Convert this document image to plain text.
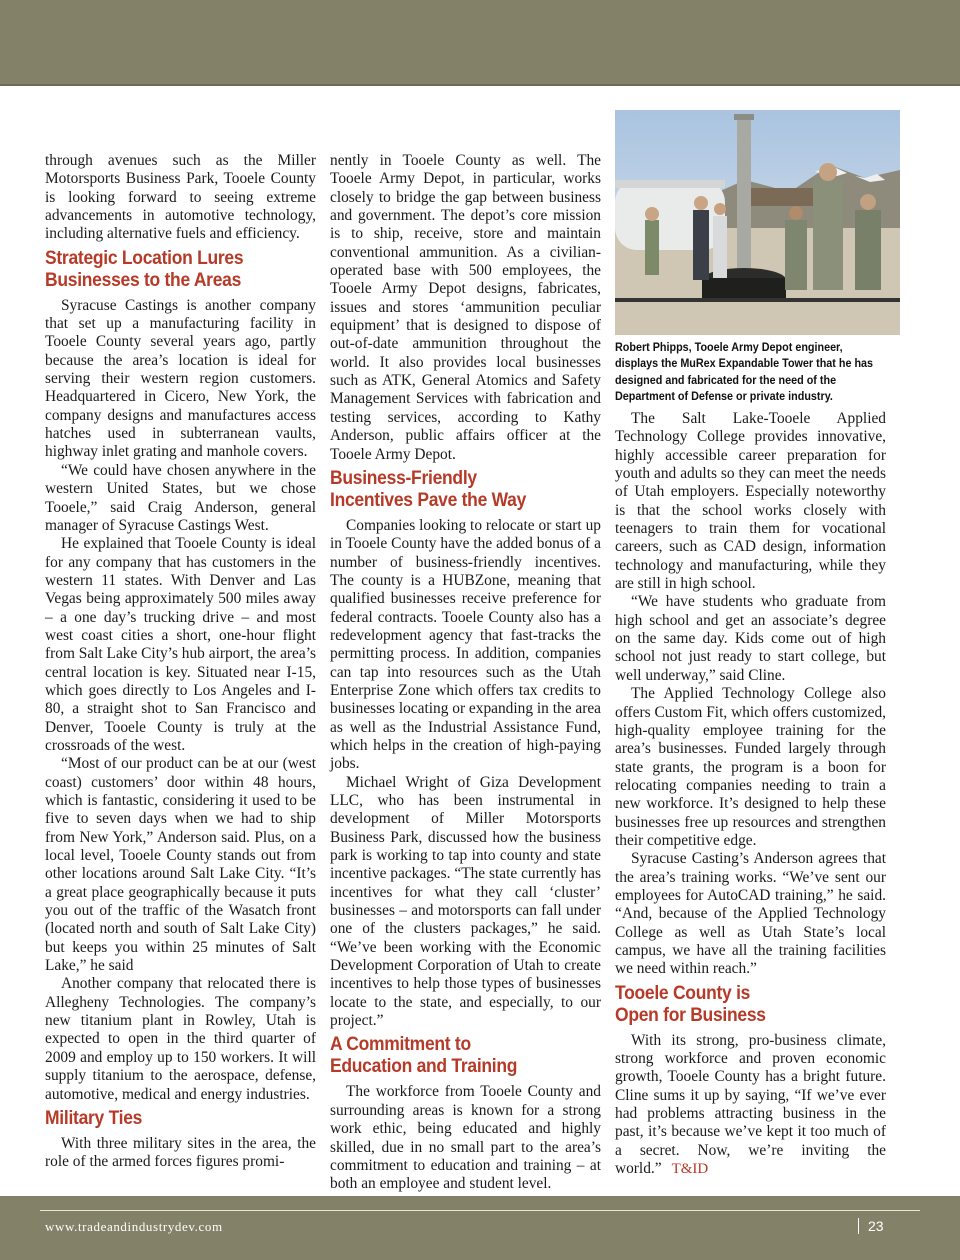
through avenues such as the Miller Motorsports Business Park, Tooele County is looking forward to seeing extreme advancements in automotive technology, including alternative fuels and efficiency.

Strategic Location Lures
Businesses to the Areas

Syracuse Castings is another company that set up a manufacturing facility in Tooele County several years ago, partly because the area’s location is ideal for serving their western region customers. Headquartered in Cicero, New York, the company designs and manufactures access hatches used in subterranean vaults, highway inlet grating and manhole covers.

“We could have chosen anywhere in the western United States, but we chose Tooele,” said Craig Anderson, general manager of Syracuse Castings West.

He explained that Tooele County is ideal for any company that has customers in the western 11 states. With Denver and Las Vegas being approximately 500 miles away – a one day’s trucking drive – and most west coast cities a short, one-hour flight from Salt Lake City’s hub airport, the area’s central location is key. Situated near I-15, which goes directly to Los Angeles and I-80, a straight shot to San Francisco and Denver, Tooele County is truly at the crossroads of the west.

“Most of our product can be at our (west coast) customers’ door within 48 hours, which is fantastic, considering it used to be five to seven days when we had to ship from New York,” Anderson said. Plus, on a local level, Tooele County stands out from other locations around Salt Lake City. “It’s a great place geographically because it puts you out of the traffic of the Wasatch front (located north and south of Salt Lake City) but keeps you within 25 minutes of Salt Lake,” he said

Another company that relocated there is Allegheny Technologies. The company’s new titanium plant in Rowley, Utah is expected to open in the third quarter of 2009 and employ up to 150 workers. It will supply titanium to the aerospace, defense, automotive, medical and energy industries.

Military Ties

With three military sites in the area, the role of the armed forces figures promi-

nently in Tooele County as well. The Tooele Army Depot, in particular, works closely to bridge the gap between business and government. The depot’s core mission is to ship, receive, store and maintain conventional ammunition. As a civilian-operated base with 500 employees, the Tooele Army Depot designs, fabricates, issues and stores ‘ammunition peculiar equipment’ that is designed to dispose of out-of-date ammunition throughout the world. It also provides local businesses such as ATK, General Atomics and Safety Management Services with fabrication and testing services, according to Kathy Anderson, public affairs officer at the Tooele Army Depot.

Business-Friendly
Incentives Pave the Way

Companies looking to relocate or start up in Tooele County have the added bonus of a number of business-friendly incentives. The county is a HUBZone, meaning that qualified businesses receive preference for federal contracts. Tooele County also has a redevelopment agency that fast-tracks the permitting process. In addition, companies can tap into resources such as the Utah Enterprise Zone which offers tax credits to businesses locating or expanding in the area as well as the Industrial Assistance Fund, which helps in the creation of high-paying jobs.

Michael Wright of Giza Development LLC, who has been instrumental in development of Miller Motorsports Business Park, discussed how the business park is working to tap into county and state incentive packages. “The state currently has incentives for what they call ‘cluster’ businesses – and motorsports can fall under one of the clusters packages,” he said. “We’ve been working with the Economic Development Corporation of Utah to create incentives to help those types of businesses locate to the state, and especially, to our project.”

A Commitment to
Education and Training

The workforce from Tooele County and surrounding areas is known for a strong work ethic, being educated and highly skilled, due in no small part to the area’s commitment to education and training – at both an employee and student level.

Robert Phipps, Tooele Army Depot engineer, displays the MuRex Expandable Tower that he has designed and fabricated for the need of the Department of Defense or private industry.

The Salt Lake-Tooele Applied Technology College provides innovative, highly accessible career preparation for youth and adults so they can meet the needs of Utah employers. Especially noteworthy is that the school works closely with teenagers to train them for vocational careers, such as CAD design, information technology and manufacturing, while they are still in high school.

“We have students who graduate from high school and get an associate’s degree on the same day. Kids come out of high school not just ready to start college, but well underway,” said Cline.

The Applied Technology College also offers Custom Fit, which offers customized, high-quality employee training for the area’s businesses. Funded largely through state grants, the program is a boon for relocating companies needing to train a new workforce. It’s designed to help these businesses free up resources and strengthen their competitive edge.

Syracuse Casting’s Anderson agrees that the area’s training works. “We’ve sent our employees for AutoCAD training,” he said. “And, because of the Applied Technology College as well as Utah State’s local campus, we have all the training facilities we need within reach.”

Tooele County is
Open for Business

With its strong, pro-business climate, strong workforce and proven economic growth, Tooele County has a bright future. Cline sums it up by saying, “If we’ve ever had problems attracting business in the past, it’s because we’ve kept it too much of a secret. Now, we’re inviting the world.” T&ID

www.tradeandindustrydev.com	23
